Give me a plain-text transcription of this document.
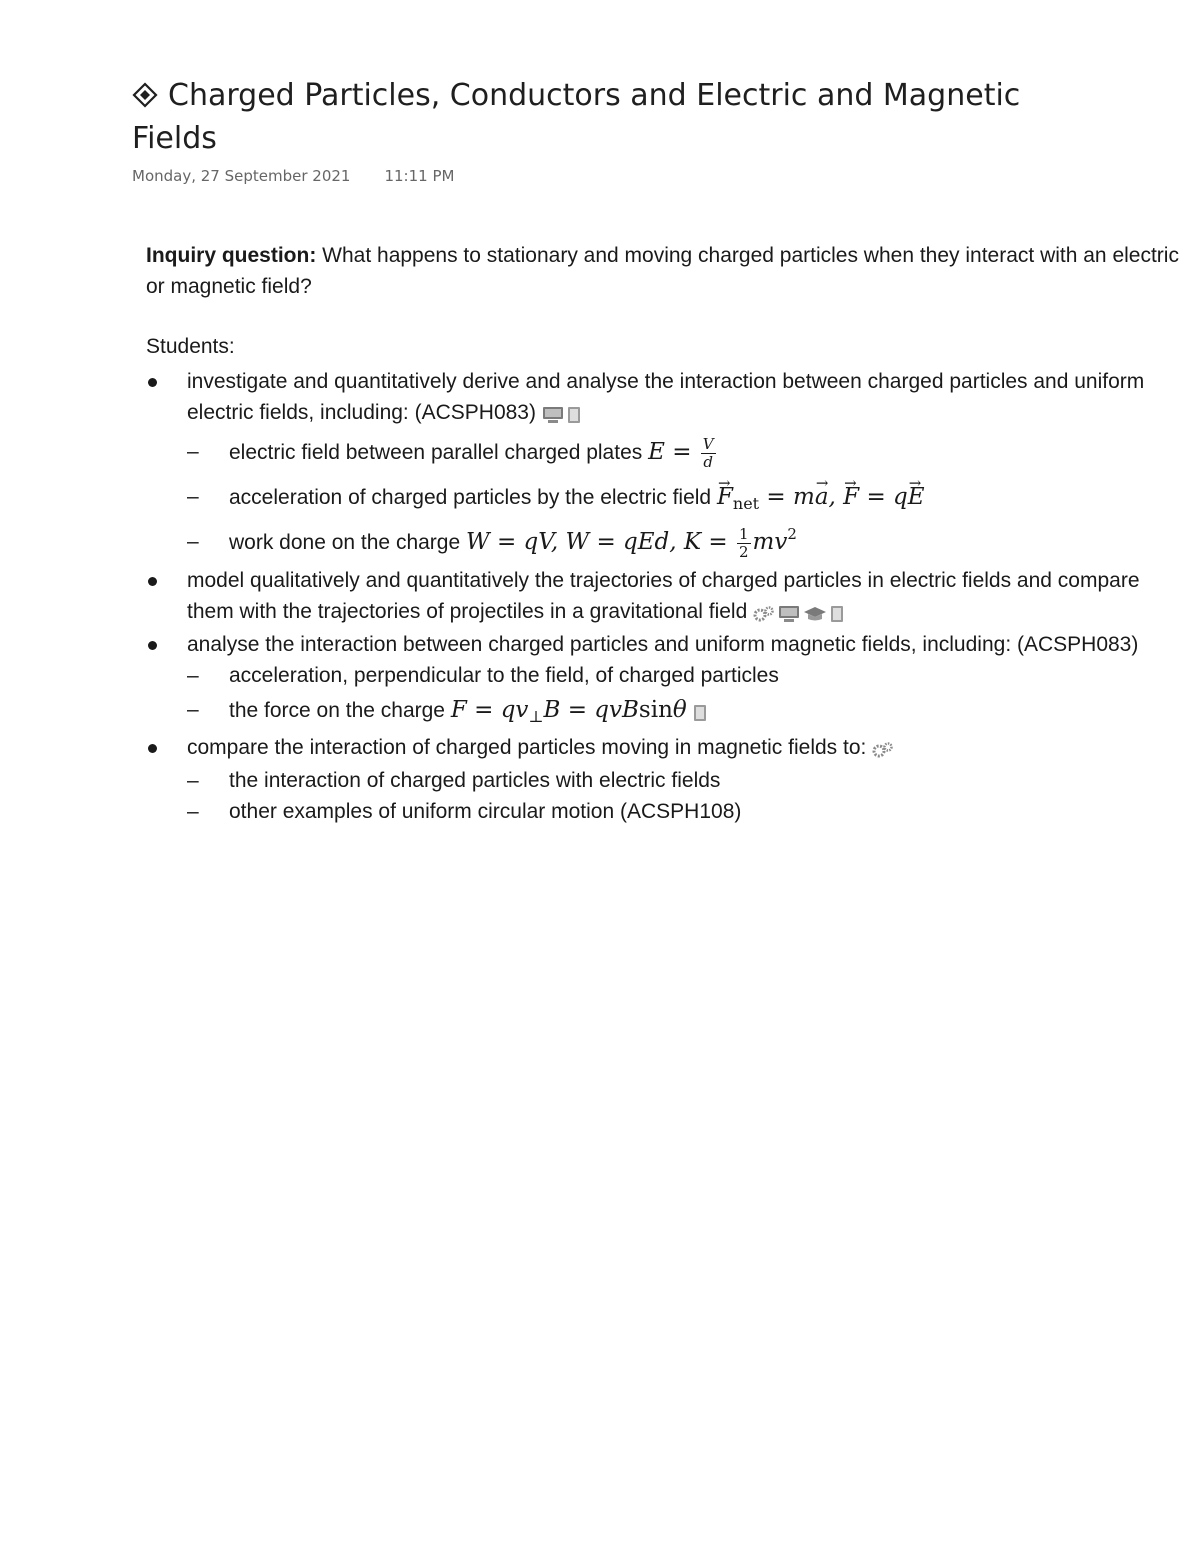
Charged Particles, Conductors and Electric and Magnetic Fields
Monday, 27 September 2021 11:11 PM

Inquiry question: What happens to stationary and moving charged particles when they interact with an electric or magnetic field?

Students:

investigate and quantitatively derive and analyse the interaction between charged particles and uniform electric fields, including: (ACSPH083)
– electric field between parallel charged plates $E = \frac{V}{d}$
– acceleration of charged particles by the electric field $F \to_{net}$ = ma →, F → = qE →
– work done on the charge W = qV, W = qEd, $K = \frac{1}{2} mv^2$
model qualitatively and quantitatively the trajectories of charged particles in electric fields and compare them with the trajectories of projectiles in a gravitational field
analyse the interaction between charged particles and uniform magnetic fields, including: (ACSPH083)
– acceleration, perpendicular to the field, of charged particles
– the force on the charge $F = qv_\perp B = qvBsin\theta$
compare the interaction of charged particles moving in magnetic fields to:
– the interaction of charged particles with electric fields
– other examples of uniform circular motion (ACSPH108)
